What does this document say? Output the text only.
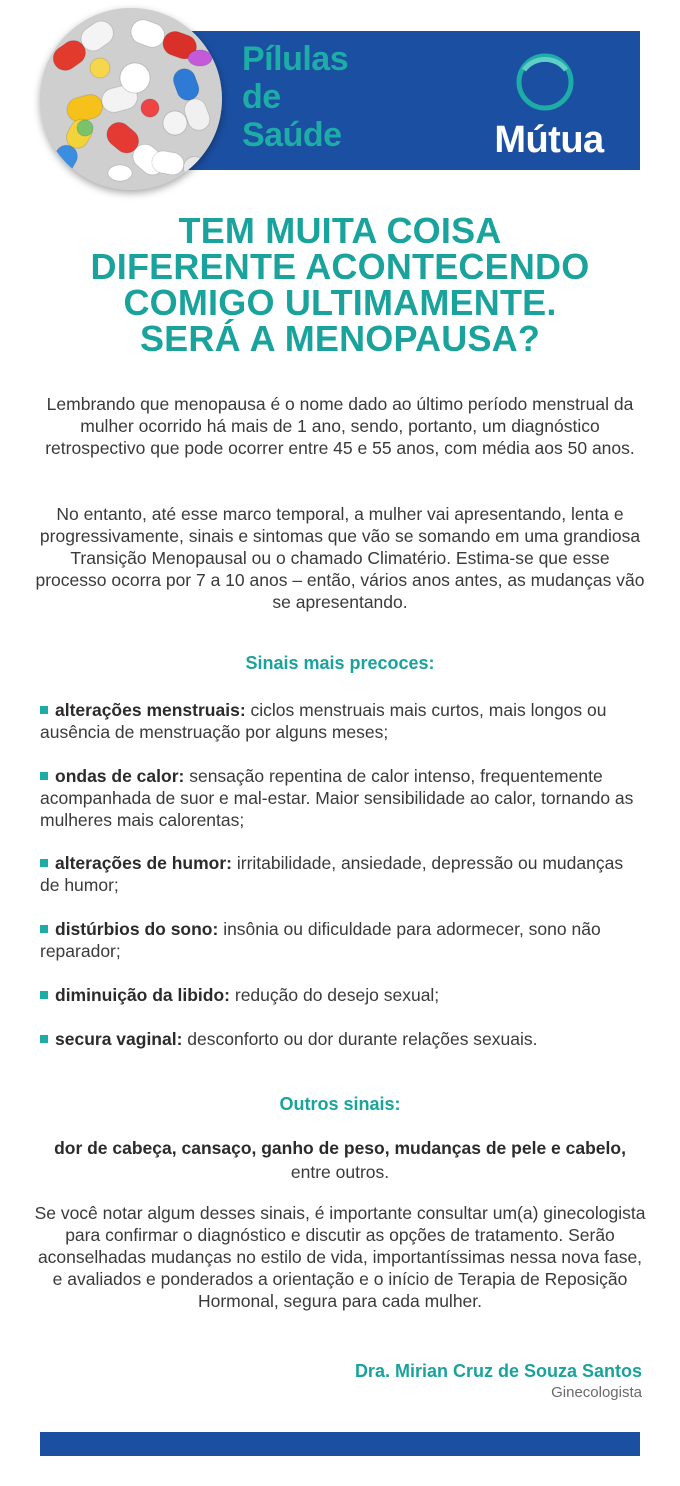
Pílulas
de
Saúde	Mútua
TEM MUITA COISA
DIFERENTE ACONTECENDO
COMIGO ULTIMAMENTE.
SERÁ A MENOPAUSA?

Lembrando que menopausa é o nome dado ao último período menstrual da mulher ocorrido há mais de 1 ano, sendo, portanto, um diagnóstico retrospectivo que pode ocorrer entre 45 e 55 anos, com média aos 50 anos.

No entanto, até esse marco temporal, a mulher vai apresentando, lenta e progressivamente, sinais e sintomas que vão se somando em uma grandiosa Transição Menopausal ou o chamado Climatério. Estima-se que esse processo ocorra por 7 a 10 anos – então, vários anos antes, as mudanças vão se apresentando.

Sinais mais precoces:

alterações menstruais: ciclos menstruais mais curtos, mais longos ou ausência de menstruação por alguns meses;

ondas de calor: sensação repentina de calor intenso, frequentemente acompanhada de suor e mal-estar. Maior sensibilidade ao calor, tornando as mulheres mais calorentas;

alterações de humor: irritabilidade, ansiedade, depressão ou mudanças de humor;

distúrbios do sono: insônia ou dificuldade para adormecer, sono não reparador;

diminuição da libido: redução do desejo sexual;

secura vaginal: desconforto ou dor durante relações sexuais.

Outros sinais:

dor de cabeça, cansaço, ganho de peso, mudanças de pele e cabelo, entre outros.

Se você notar algum desses sinais, é importante consultar um(a) ginecologista para confirmar o diagnóstico e discutir as opções de tratamento. Serão aconselhadas mudanças no estilo de vida, importantíssimas nessa nova fase, e avaliados e ponderados a orientação e o início de Terapia de Reposição Hormonal, segura para cada mulher.

Dra. Mirian Cruz de Souza Santos

Ginecologista
